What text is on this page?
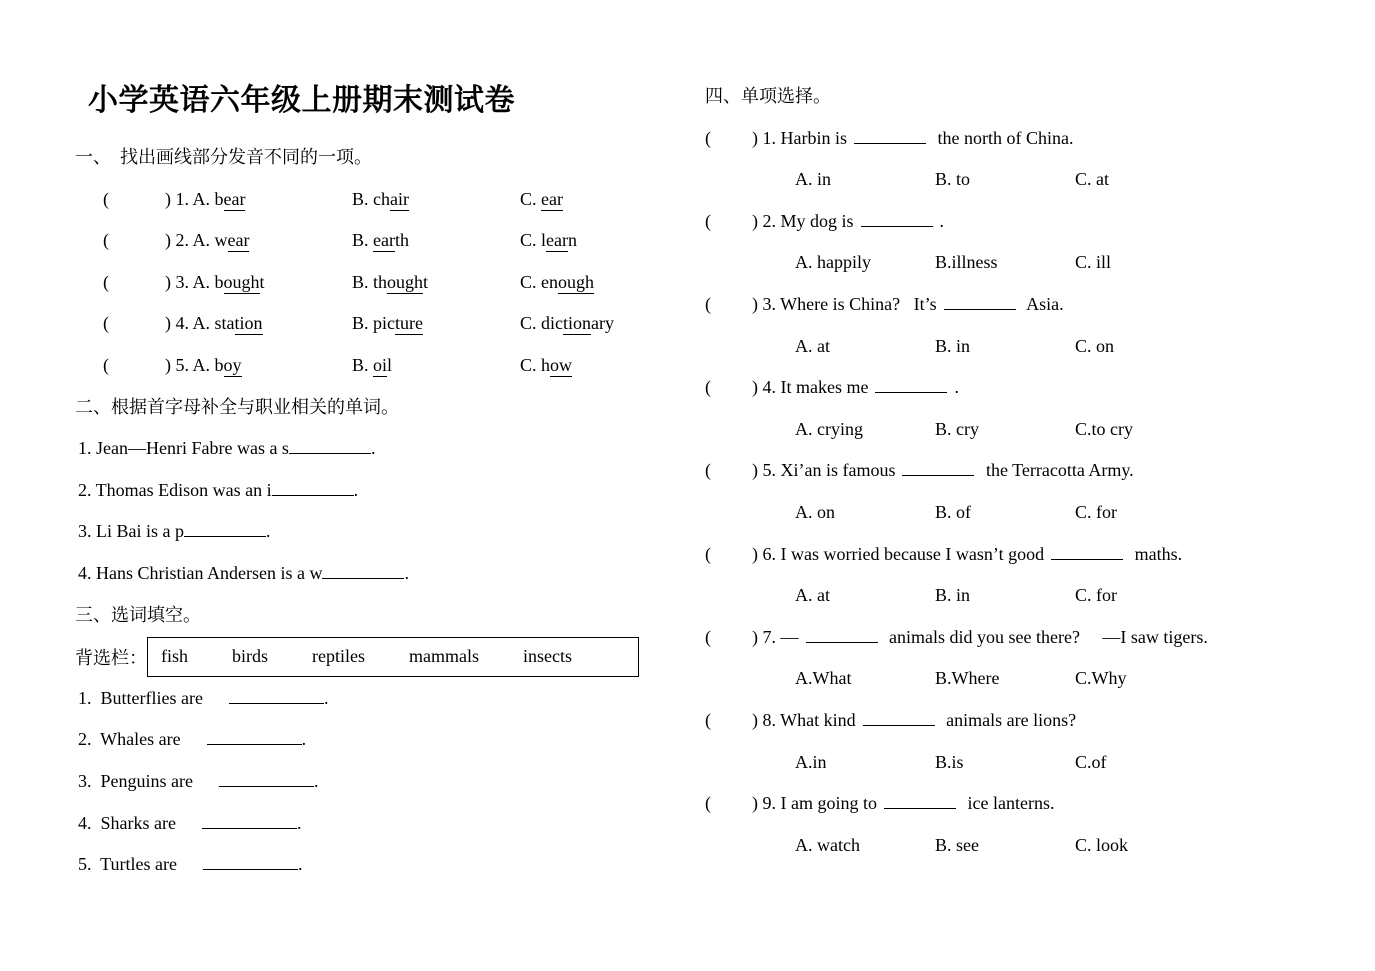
小学英语六年级上册期末测试卷
一、　找出画线部分发音不同的一项。
(	) 1. A. bear	B. chair	C. ear
(	) 2. A. wear	B. earth	C. learn
(	) 3. A. bought	B. thought	C. enough
(	) 4. A. station	B. picture	C. dictionary
(	) 5. A. boy	B. oil	C. how
二、根据首字母补全与职业相关的单词。
1. Jean—Henri Fabre was a s	.
2. Thomas Edison was an i	.
3. Li Bai is a p	.
4. Hans Christian Andersen is a w	.
三、选词填空。
背选栏： fish birds reptiles mammals insects
1.  Butterflies are	.
2.  Whales are	.
3.  Penguins are	.
4.  Sharks are	.
5.  Turtles are	.
四、单项选择。
(	) 1. Harbin is	the north of China.
A. in	B. to	C. at
(	) 2. My dog is	.
A. happily	B.illness	C. ill
(	) 3. Where is China?   It’s	Asia.
A. at	B. in	C. on
(	) 4. It makes me	.
A. crying	B. cry	C.to cry
(	) 5. Xi’an is famous	the Terracotta Army.
A. on	B. of	C. for
(	) 6. I was worried because I wasn’t good	maths.
A. at	B. in	C. for
(	) 7. —	animals did you see there?     —I saw tigers.
A.What	B.Where	C.Why
(	) 8. What kind	animals are lions?
A.in	B.is	C.of
(	) 9. I am going to	ice lanterns.
A. watch	B. see	C. look
